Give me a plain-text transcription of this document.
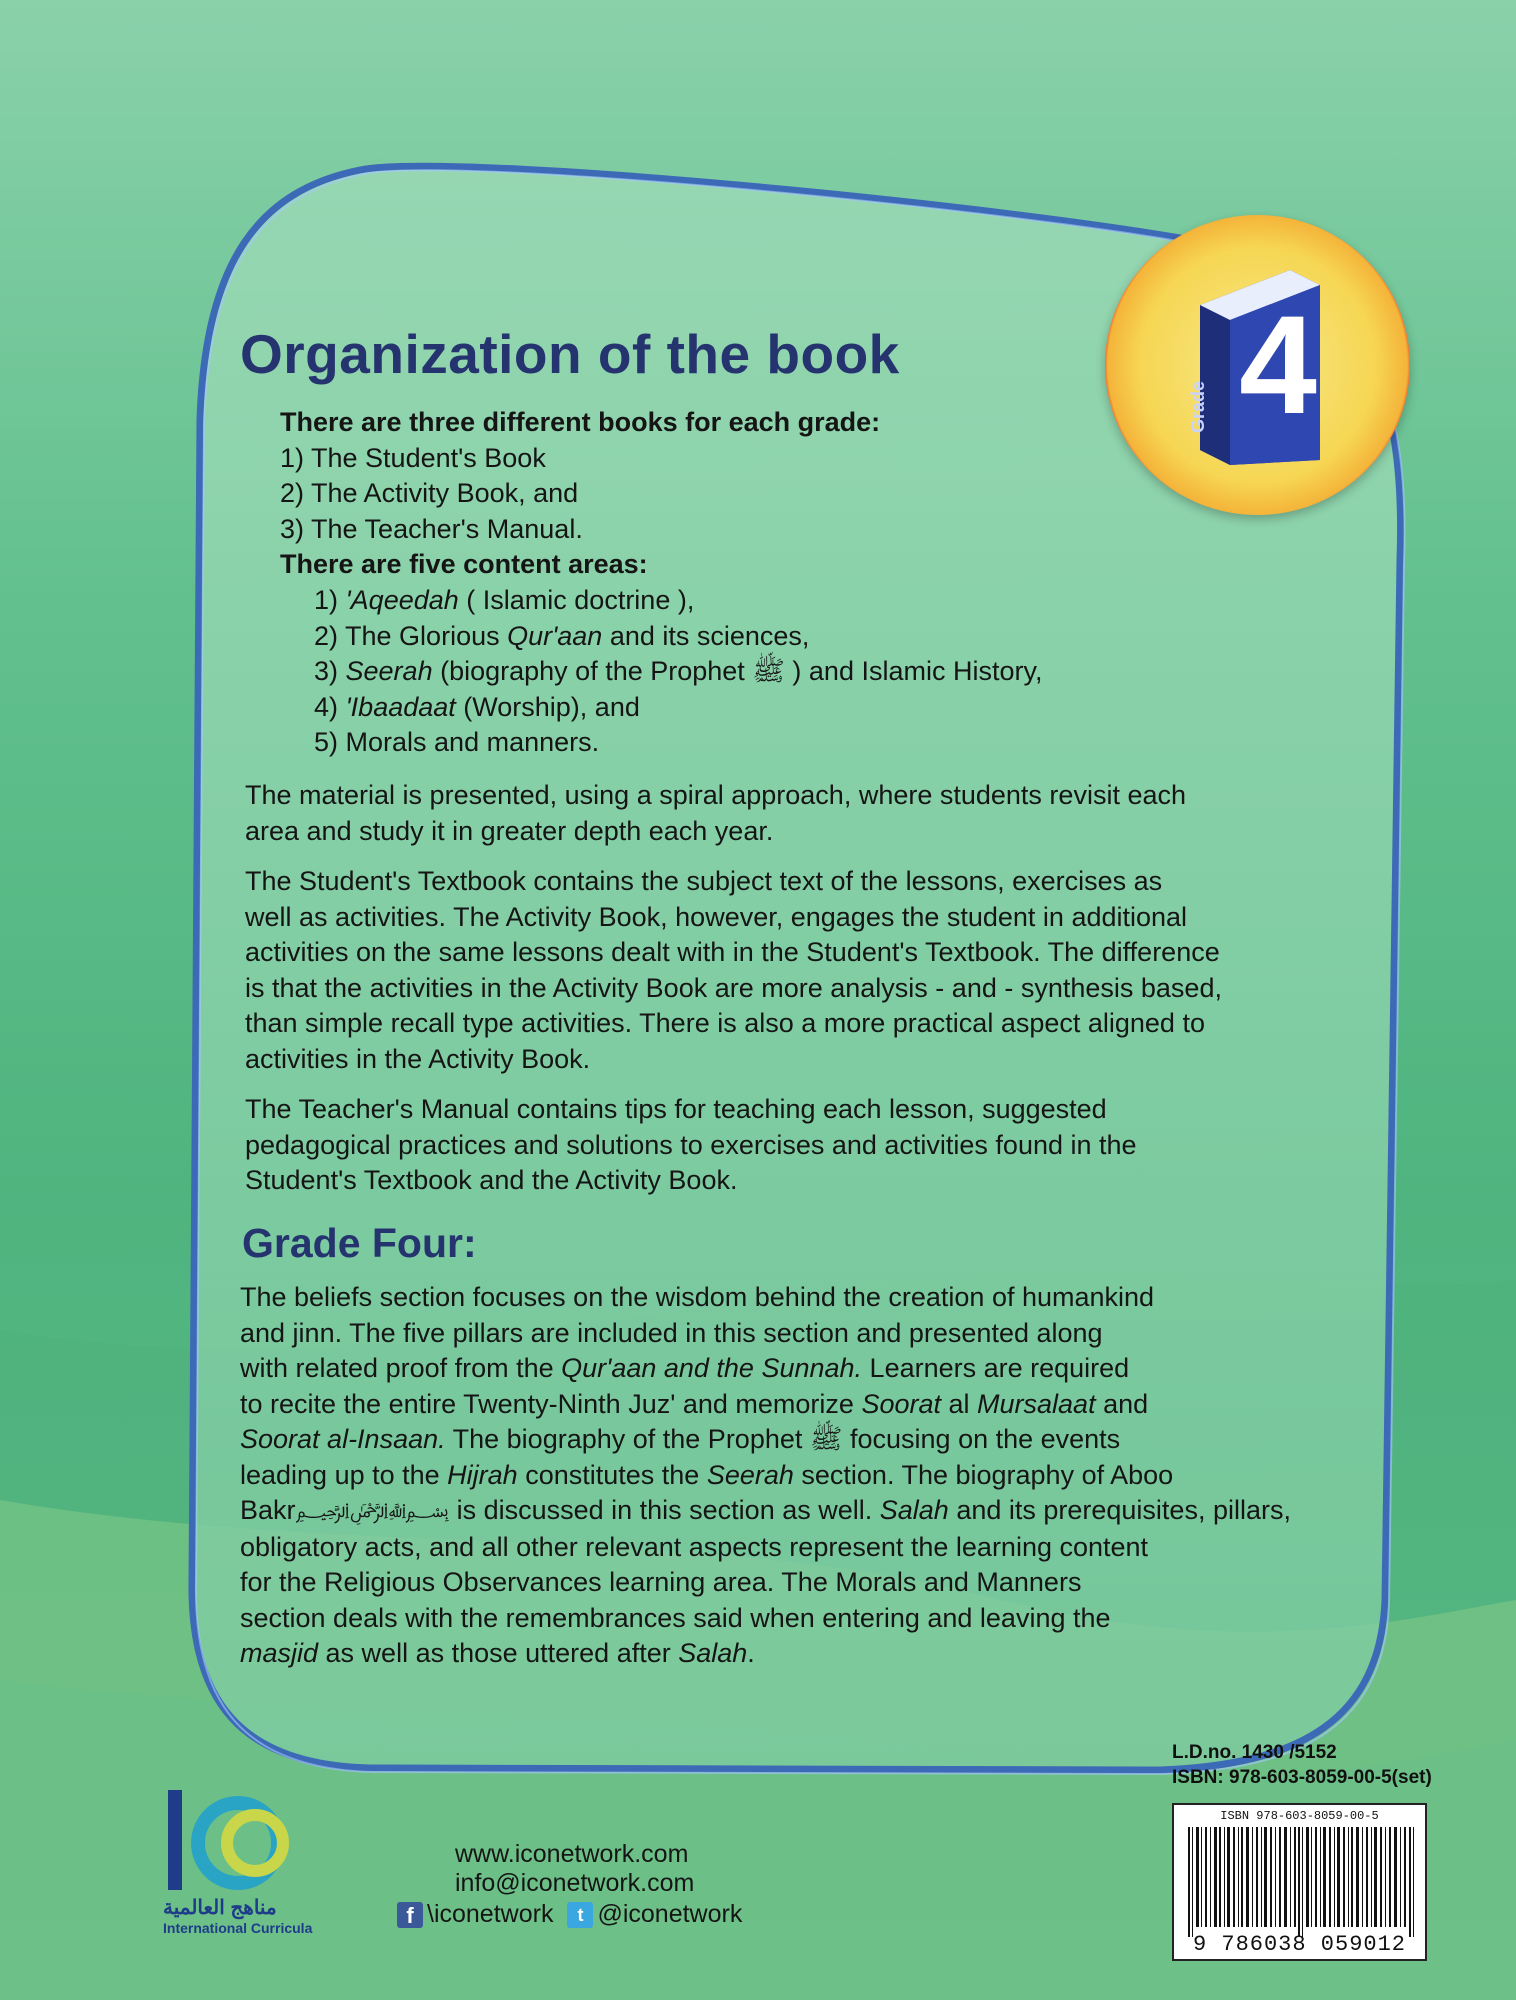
4
Grade
Organization of the book
There are three different books for each grade:
1) The Student's Book
2) The Activity Book, and
3) The Teacher's Manual.
There are five content areas:
1) 'Aqeedah ( Islamic doctrine ),
2) The Glorious Qur'aan and its sciences,
3) Seerah (biography of the Prophet ﷺ ) and Islamic History,
4) 'Ibaadaat (Worship), and
5) Morals and manners.
The material is presented, using a spiral approach, where students revisit each
area and study it in greater depth each year.
The Student's Textbook contains the subject text of the lessons, exercises as
well as activities. The Activity Book, however, engages the student in additional
activities on the same lessons dealt with in the Student's Textbook. The difference
is that the activities in the Activity Book are more analysis - and - synthesis based,
than simple recall type activities. There is also a more practical aspect aligned to
activities in the Activity Book.
The Teacher's Manual contains tips for teaching each lesson, suggested
pedagogical practices and solutions to exercises and activities found in the
Student's Textbook and the Activity Book.
Grade Four:
The beliefs section focuses on the wisdom behind the creation of humankind
and jinn. The five pillars are included in this section and presented along
with related proof from the Qur'aan and the Sunnah. Learners are required
to recite the entire Twenty-Ninth Juz' and memorize Soorat al Mursalaat and
Soorat al-Insaan. The biography of the Prophet ﷺ focusing on the events
leading up to the Hijrah constitutes the Seerah section. The biography of Aboo
Bakr﷽ is discussed in this section as well. Salah and its prerequisites, pillars,
obligatory acts, and all other relevant aspects represent the learning content
for the Religious Observances learning area. The Morals and Manners
section deals with the remembrances said when entering and leaving the
masjid as well as those uttered after Salah.
L.D.no. 1430 /5152
ISBN: 978-603-8059-00-5(set)
ISBN 978-603-8059-00-5
9 786038 059012
مناهج العالمية
International Curricula
www.iconetwork.com
info@iconetwork.com
f \iconetwork	t @iconetwork
